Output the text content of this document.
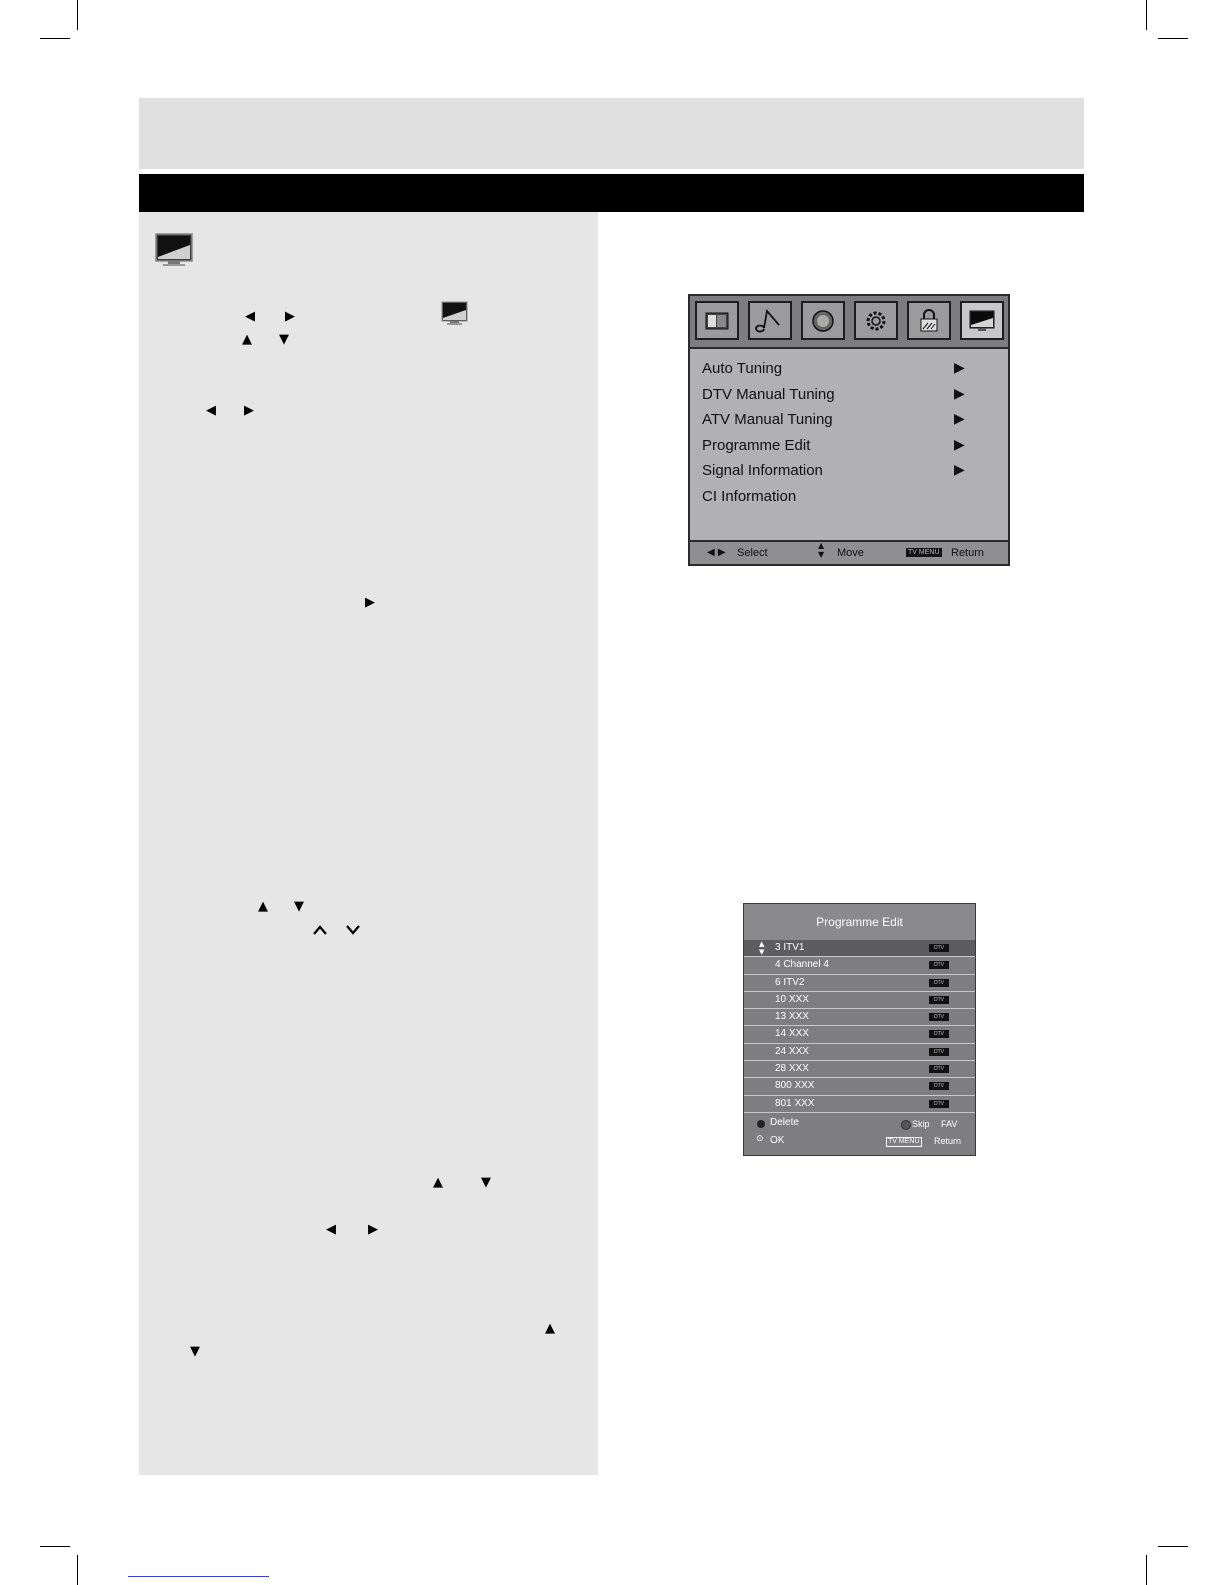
◀ ▶
▲ ▼
◀ ▶
▶
▲ ▼
▲	▼
◀ ▶
▲
▼
Auto Tuning	▶
DTV Manual Tuning	▶
ATV Manual Tuning	▶
Programme Edit	▶
Signal Information	▶
CI Information
◀ ▶ Select
▲
▼ Move	TV MENU Return
Programme Edit
▲
▼ 3 ITV1	DTV
4 Channel 4	DTV
6 ITV2	DTV
10 XXX	DTV
13 XXX	DTV
14 XXX	DTV
24 XXX	DTV
28 XXX	DTV
800 XXX	DTV
801 XXX	DTV
Delete	Skip FAV
⊙ OK	TV MENU Return
